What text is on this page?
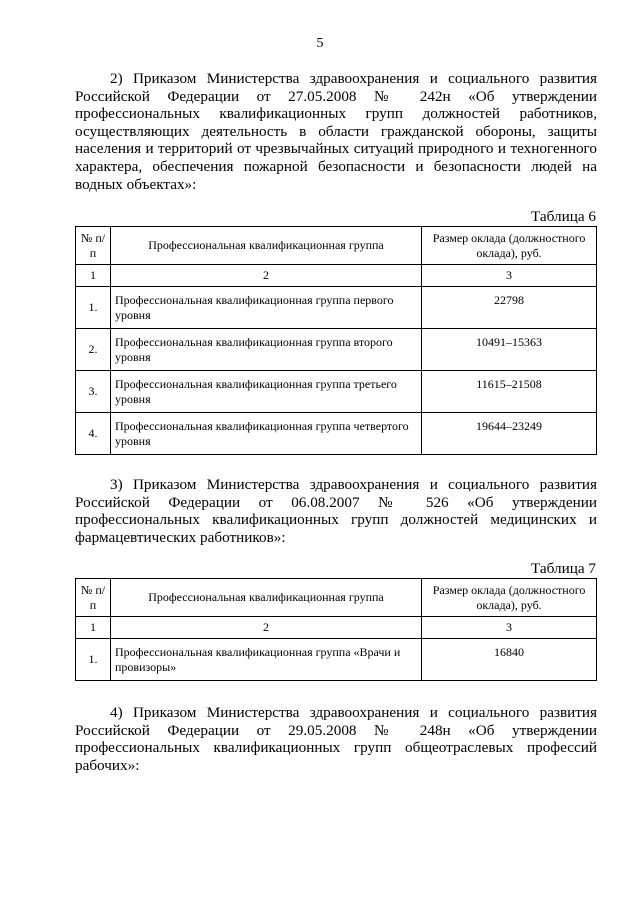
5

2) Приказом Министерства здравоохранения и социального развития Российской Федерации от 27.05.2008 № 242н «Об утверждении профессиональных квалификационных групп должностей работников, осуществляющих деятельность в области гражданской обороны, защиты населения и территорий от чрезвычайных ситуаций природного и техногенного характера, обеспечения пожарной безопасности и безопасности людей на водных объектах»:

Таблица 6
№ п/п	Профессиональная квалификационная группа	Размер оклада (должностного оклада), руб.
1	2	3
1.	Профессиональная квалификационная группа первого уровня	22798
2.	Профессиональная квалификационная группа второго уровня	10491–15363
3.	Профессиональная квалификационная группа третьего уровня	11615–21508
4.	Профессиональная квалификационная группа четвертого уровня	19644–23249

3) Приказом Министерства здравоохранения и социального развития Российской Федерации от 06.08.2007 № 526 «Об утверждении профессиональных квалификационных групп должностей медицинских и фармацевтических работников»:

Таблица 7
№ п/п	Профессиональная квалификационная группа	Размер оклада (должностного оклада), руб.
1	2	3
1.	Профессиональная квалификационная группа «Врачи и провизоры»	16840

4) Приказом Министерства здравоохранения и социального развития Российской Федерации от 29.05.2008 № 248н «Об утверждении профессиональных квалификационных групп общеотраслевых профессий рабочих»:
